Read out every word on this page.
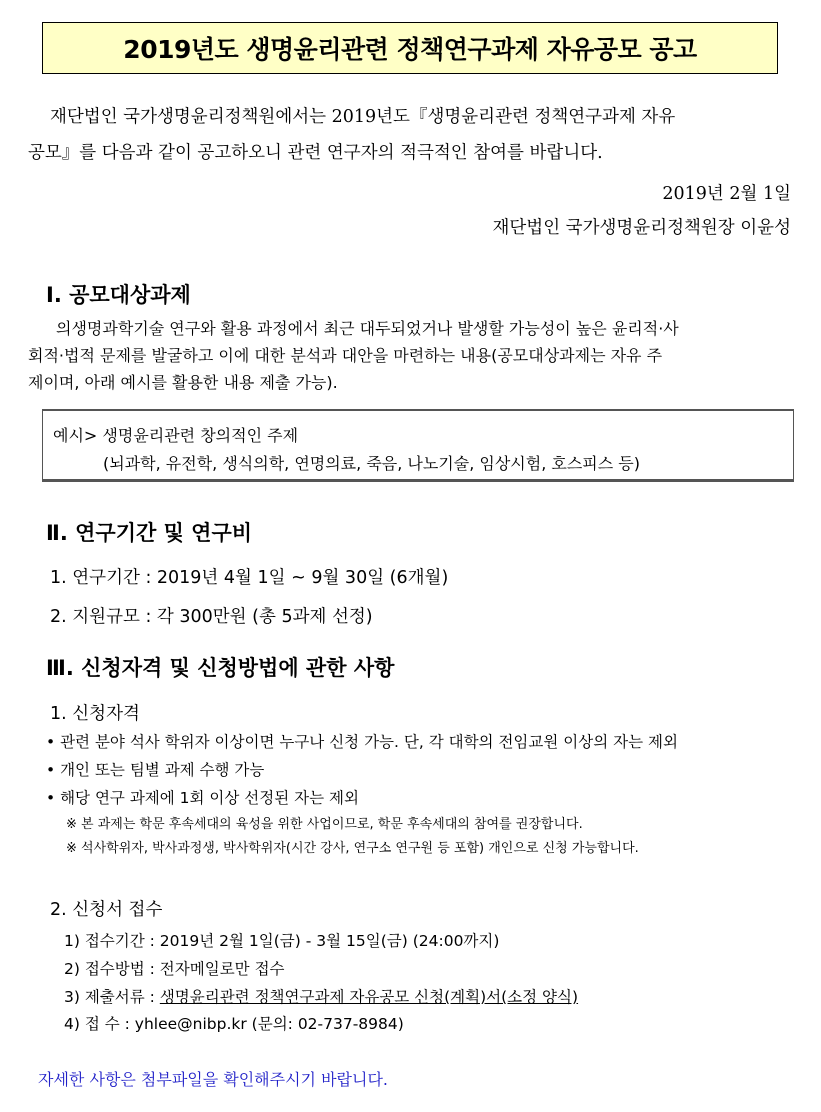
2019년도 생명윤리관련 정책연구과제 자유공모 공고
재단법인 국가생명윤리정책원에서는 2019년도『생명윤리관련 정책연구과제 자유
공모』를 다음과 같이 공고하오니 관련 연구자의 적극적인 참여를 바랍니다.
2019년 2월 1일
재단법인 국가생명윤리정책원장 이윤성
Ⅰ. 공모대상과제
의생명과학기술 연구와 활용 과정에서 최근 대두되었거나 발생할 가능성이 높은 윤리적·사
회적·법적 문제를 발굴하고 이에 대한 분석과 대안을 마련하는 내용(공모대상과제는 자유 주
제이며, 아래 예시를 활용한 내용 제출 가능).
예시> 생명윤리관련 창의적인 주제
(뇌과학, 유전학, 생식의학, 연명의료, 죽음, 나노기술, 임상시험, 호스피스 등)
Ⅱ. 연구기간 및 연구비
1. 연구기간 : 2019년 4월 1일 ~ 9월 30일 (6개월)
2. 지원규모 : 각 300만원 (총 5과제 선정)
Ⅲ. 신청자격 및 신청방법에 관한 사항
1. 신청자격
• 관련 분야 석사 학위자 이상이면 누구나 신청 가능. 단, 각 대학의 전임교원 이상의 자는 제외
• 개인 또는 팀별 과제 수행 가능
• 해당 연구 과제에 1회 이상 선정된 자는 제외
※ 본 과제는 학문 후속세대의 육성을 위한 사업이므로, 학문 후속세대의 참여를 권장합니다.
※ 석사학위자, 박사과정생, 박사학위자(시간 강사, 연구소 연구원 등 포함) 개인으로 신청 가능합니다.
2. 신청서 접수
1) 접수기간 : 2019년 2월 1일(금) - 3월 15일(금) (24:00까지)
2) 접수방법 : 전자메일로만 접수
3) 제출서류 : 생명윤리관련 정책연구과제 자유공모 신청(계획)서(소정 양식)
4) 접 수 : yhlee@nibp.kr (문의: 02-737-8984)
자세한 사항은 첨부파일을 확인해주시기 바랍니다.
